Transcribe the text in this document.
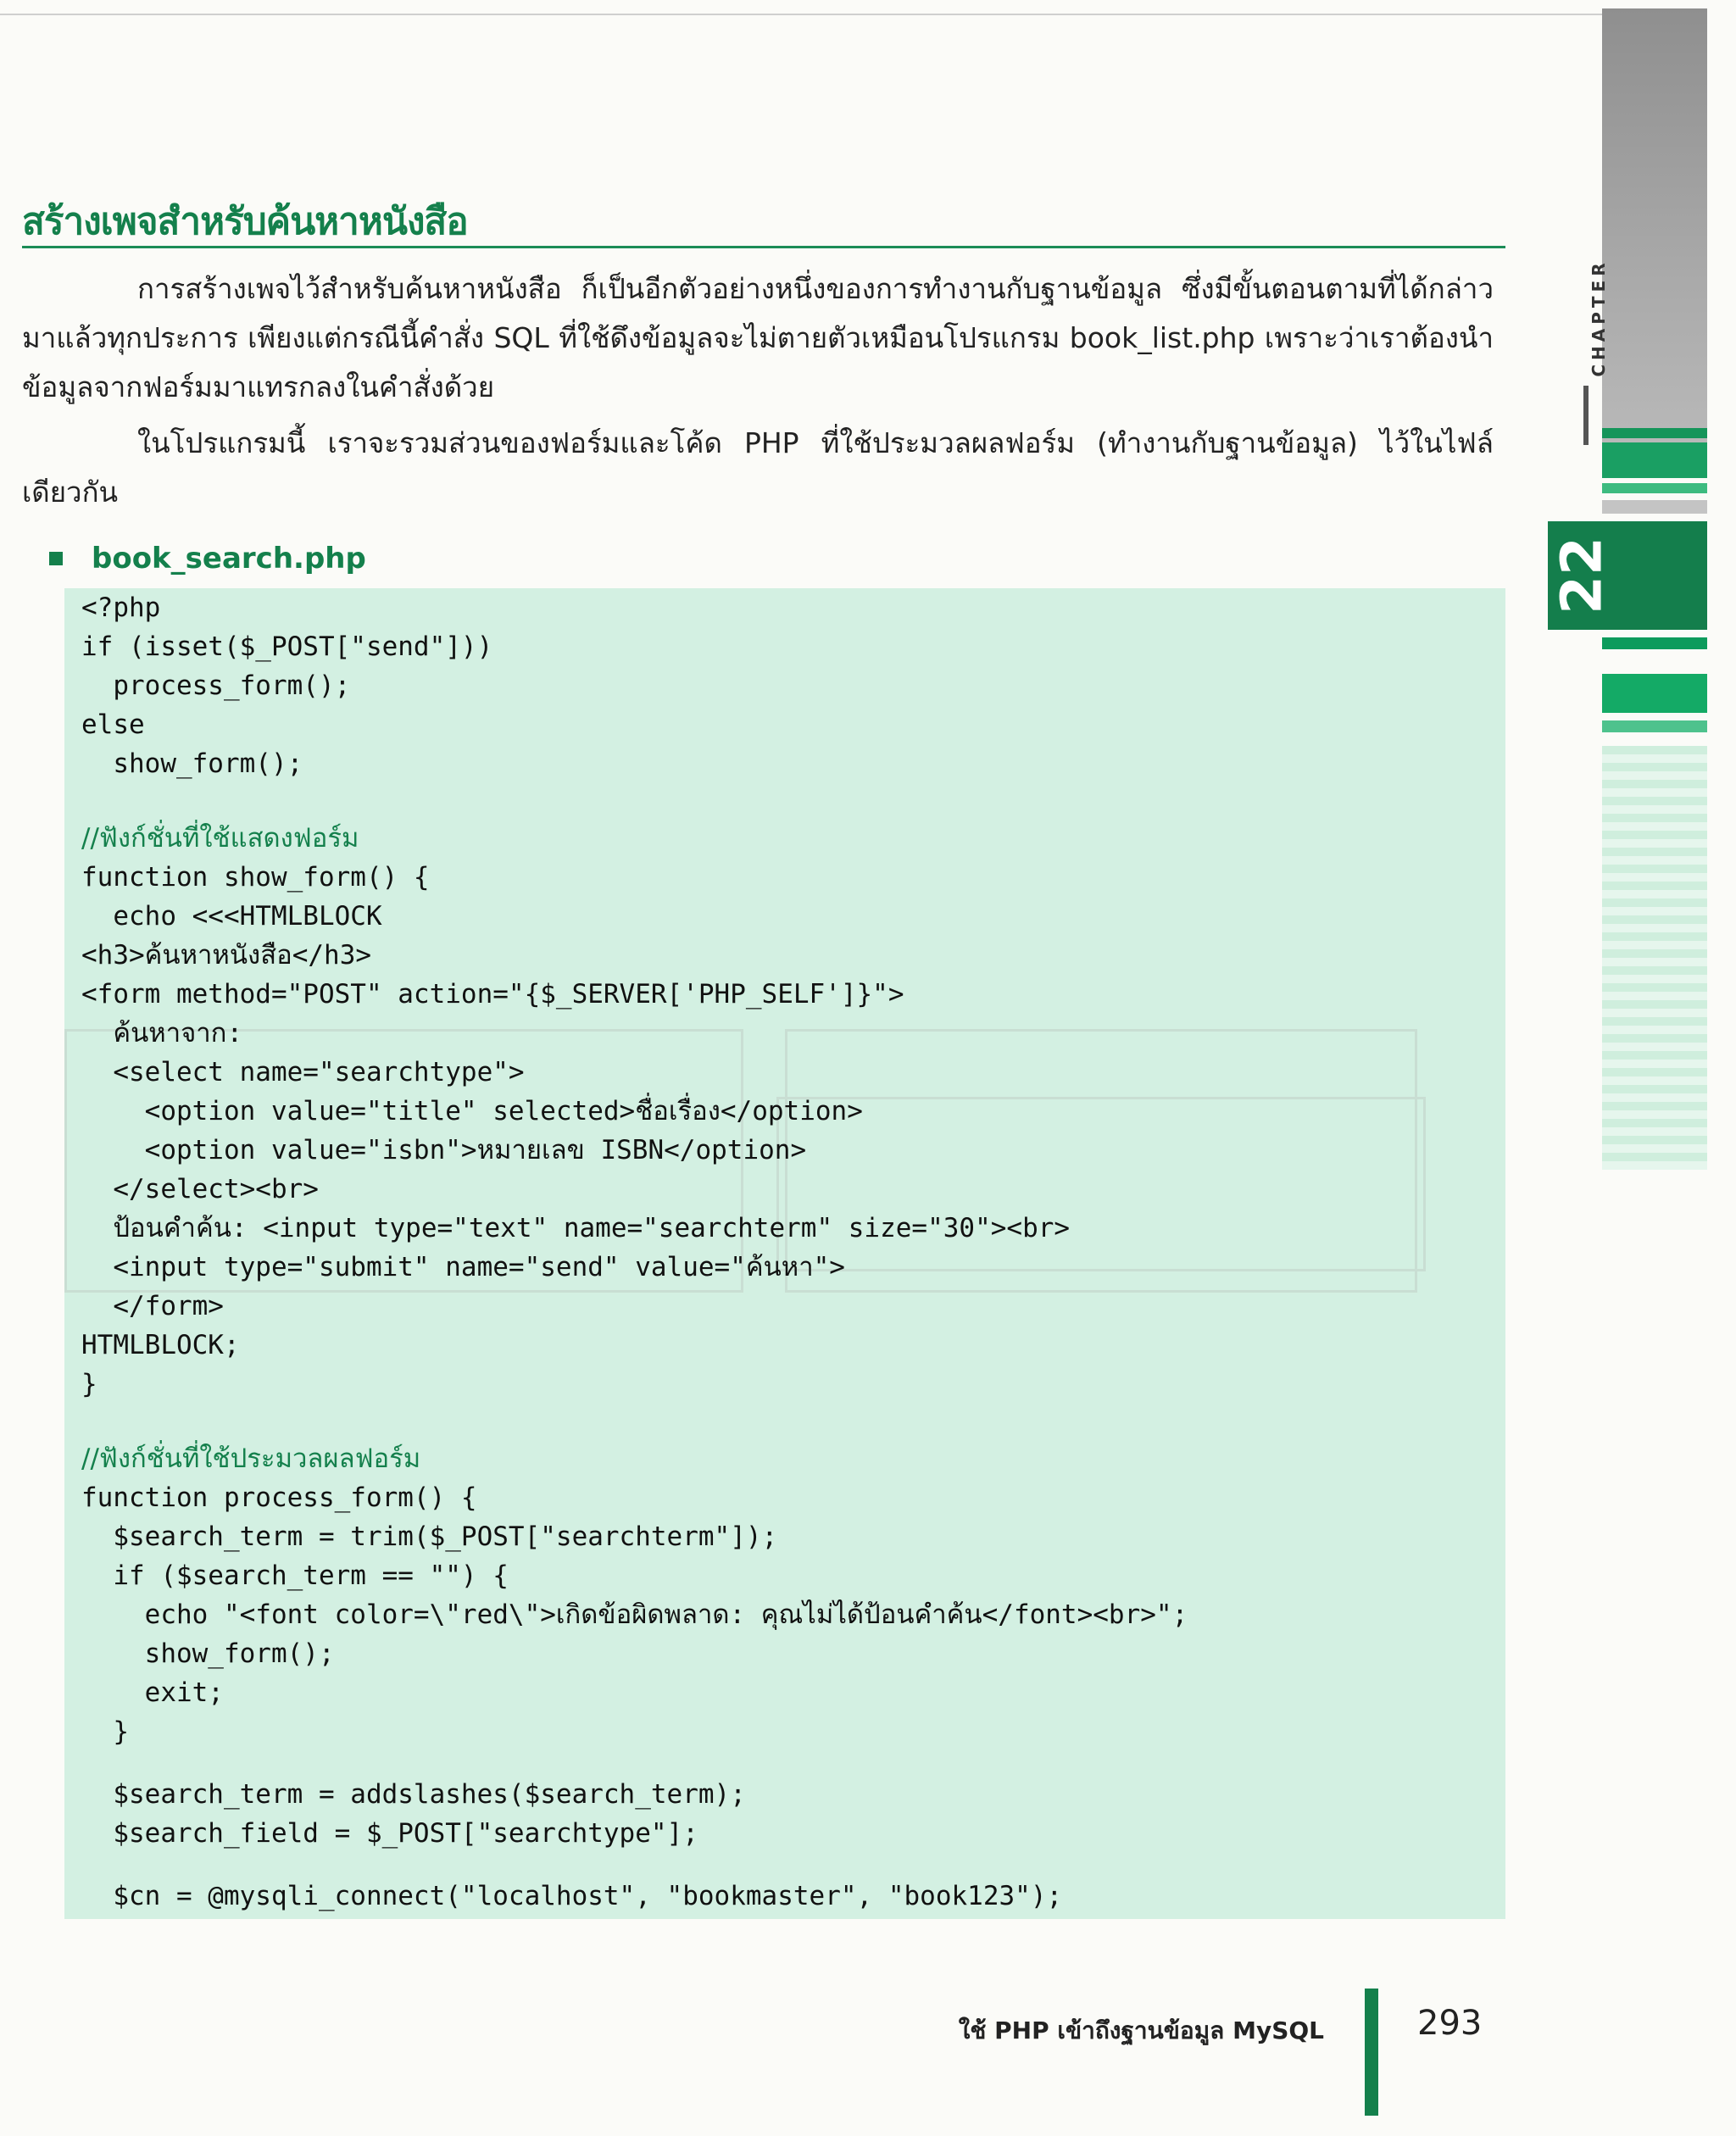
CHAPTER
22
สร้างเพจสำหรับค้นหาหนังสือ

การสร้างเพจไว้สำหรับค้นหาหนังสือ ก็เป็นอีกตัวอย่างหนึ่งของการทำงานกับฐานข้อมูล ซึ่งมีขั้นตอนตามที่ได้กล่าวมาแล้วทุกประการ เพียงแต่กรณีนี้คำสั่ง SQL ที่ใช้ดึงข้อมูลจะไม่ตายตัวเหมือนโปรแกรม book_list.php เพราะว่าเราต้องนำข้อมูลจากฟอร์มมาแทรกลงในคำสั่งด้วย

ในโปรแกรมนี้ เราจะรวมส่วนของฟอร์มและโค้ด PHP ที่ใช้ประมวลผลฟอร์ม (ทำงานกับฐานข้อมูล) ไว้ในไฟล์เดียวกัน

book_search.php
<?php
if (isset($_POST["send"]))
process_form();
else
show_form();
//ฟังก์ชั่นที่ใช้แสดงฟอร์ม
function show_form() {
echo <<<HTMLBLOCK
<h3>ค้นหาหนังสือ</h3>
<form method="POST" action="{$_SERVER['PHP_SELF']}">
ค้นหาจาก:
<select name="searchtype">
<option value="title" selected>ชื่อเรื่อง</option>
<option value="isbn">หมายเลข ISBN</option>
</select><br>
ป้อนคำค้น: <input type="text" name="searchterm" size="30"><br>
<input type="submit" name="send" value="ค้นหา">
</form>
HTMLBLOCK;
}
//ฟังก์ชั่นที่ใช้ประมวลผลฟอร์ม
function process_form() {
$search_term = trim($_POST["searchterm"]);
if ($search_term == "") {
echo "<font color=\"red\">เกิดข้อผิดพลาด: คุณไม่ได้ป้อนคำค้น</font><br>";
show_form();
exit;
}
$search_term = addslashes($search_term);
$search_field = $_POST["searchtype"];
$cn = @mysqli_connect("localhost", "bookmaster", "book123");
ใช้ PHP เข้าถึงฐานข้อมูล MySQL	293
